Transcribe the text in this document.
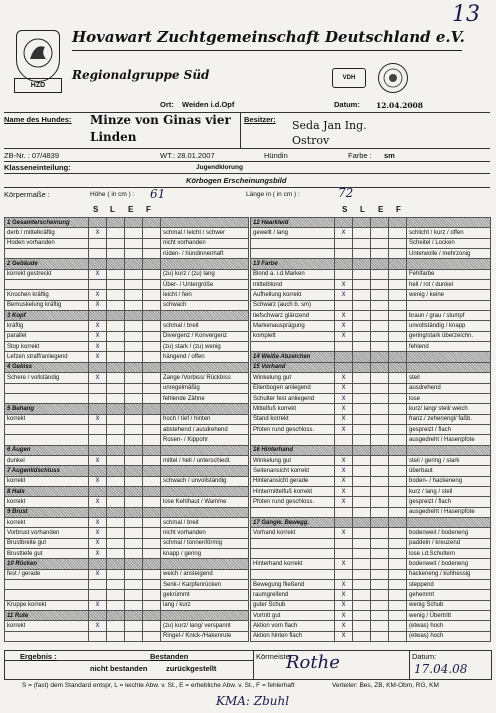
13
HZD
Hovawart Zuchtgemeinschaft Deutschland e.V.
Regionalgruppe Süd	VDH
Ort: Weiden i.d.Opf	Datum: 12.04.2008
Name des Hundes: Minze von Ginas vier
Linden
Besitzer: Seda Jan Ing.
Ostrov
ZB-Nr. : 07/4839	WT.: 28.01.2007	Hündin	Farbe : sm
Klasseneinteilung:	Jugendklorung
Körbogen Erscheinungsbild
Körpermaße :	Höhe ( in cm ) : 61	Länge in ( in cm ) :	72
S L E F	S L E F
1 Gesamterscheinung					
derb / mittelkräftig	X				schmal / leicht / schwer
Hoden vorhanden					nicht vorhanden
					rüden- / hündinnenhaft
2 Gebäude					
korrekt gestreckt	X				(zu) kurz / (zu) lang
					Über- / Untergröße
Knochen kräftig	X				leicht / fein
Bemuskelung kräftig	X				schwach
3 Kopf					
kräftig	X				schmal / breit
parallel	X				Divergenz / Konvergenz
Stop korrekt	X				(zu) stark / (zu) wenig
Lefzen straff/anliegend	X				hängend / offen
4 Gebiss					
Schere / vollständig	X				Zange /Vorbiss/ Rückbiss
					unregelmäßig
					fehlende Zähne
5 Behang					
korrekt	X				hoch / tief / hinten
					abstehend / ausdrehend
					Rosen- / Kippohr
6 Augen					
dunkel	X				mittel / hell / unterschiedl.
7 Augenlidschluss					
korrekt	X				schwach / unvollständig
8 Hals					
korrekt	X				lose Kehlhaut / Wamme
9 Brust					
korrekt	X				schmal / breit
Vorbrust vorhanden	X				nicht vorhanden
Brustbreite gut	X				schmal / tonnenförmig
Brusttiefe gut	X				knapp / gering
10 Rücken					
fest / gerade	X				weich / ansteigend
					Senk-/ Karpfenrücken
					gekrümmt
Kruppe korrekt	X				lang / kurz
11 Rute					
korrekt	X				(zu) kurz/ lang/ verspannt
					Ringel-/ Knick-/Hakenrute
12 Haarkleid					
gewellt / lang	X				schlicht / kurz / offen
					Scheitel / Locken
					Unterwolle / mehrzonig
13 Farbe					
Blond a. i.d.Marken					Fehlfarbe
mittelblond	X				hell / rot / dunkel
Aufhellung korrekt	X				wenig / keine
Schwarz (auch b. sm)					
tiefschwarz glänzend	X				braun / grau / stumpf
Markenausprägung	X				unvollständig / knapp
komplett	X				gering/stark überzeichn.
					fehlend
14 Weiße Abzeichen					
15 Vorhand					
Winkelung gut	X				steil
Ellenbogen anliegend	X				ausdrehend
Schulter fest anliegend	X				lose
Mittelfuß korrekt	X				kurz/ lang/ steil/ weich
Stand korrekt	X				franz./ zehenengl/ faßb.
Pfoten rund geschloss.	X				gespreizt / flach
					ausgedreht / Hasenpfote
16 Hinterhand					
Winkelung gut	X				steil / gering / stark
Seitenansicht korrekt	X				überbaut
Hinteransicht gerade	X				boden- / hackeneng
Hintermittelfuß korrekt	X				kurz / lang / steil
Pfoten rund geschloss.	X				gespreizt / flach
					ausgedreht / Hasenpfote
17 Gangw. Bewegg.					
Vorhand korrekt	X				bodenweit / bodeneng
					paddeln / kreuzend
					lose i.d.Schultern
Hinterhand korrekt	X				bodenweit / bodeneng
					hackeneng / kuhhessig
Bewegung fließend	X				steppend
raumgreifend	X				gehemmt
guter Schub	X				wenig Schub
Vortritt gut	X				wenig / Übertritt
Aktion vorn flach	X				(etwas) hoch
Aktion hinten flach	X				(etwas) hoch
Ergebnis :	Bestanden
nicht bestanden zurückgestellt
Körmeister:
Rothe	Datum:
17.04.08
S = (fast) dem Standard entspr, L = leichte Abw. v. St., E = erhebliche Abw. v. St., F = fehlerhaft	Verteiler: Bes, ZB, KM-Obm, RG, KM
KMA: Zbuhl
